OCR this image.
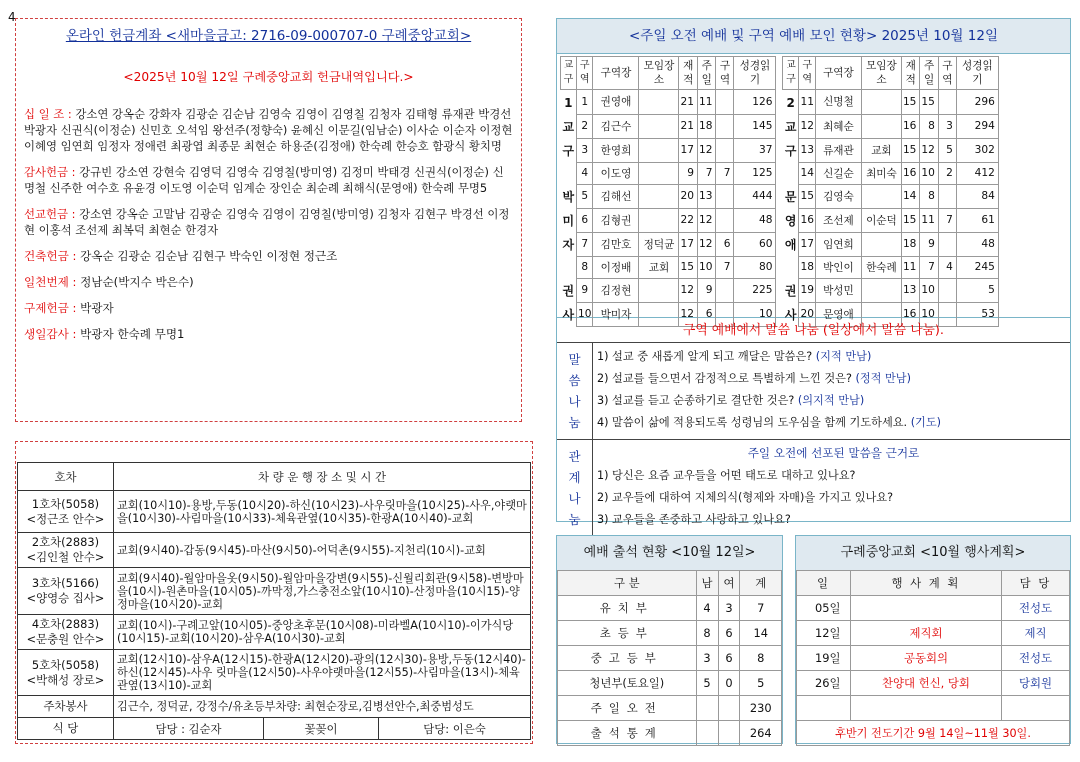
4
온라인 헌금계좌 <새마을금고: 2716-09-000707-0 구례중앙교회>
<2025년 10월 12일 구례중앙교회 헌금내역입니다.>
십 일 조 : 강소연 강옥순 강화자 김광순 김순남 김영숙 김영이 김영칠 김청자 김태형 류재관 박경선 박광자 신권식(이정순) 신민호 오석임 왕선주(정향숙) 윤혜신 이문길(임남순) 이사순 이순자 이정현 이혜영 임연희 임정자 정애련 최광엽 최종문 최현순 하용준(김정애) 한숙례 한승호 함광식 황치명
감사헌금 : 강규빈 강소연 강현숙 김영덕 김영숙 김영칠(방미영) 김정미 박태경 신권식(이정순) 신명철 신주한 여수호 유윤경 이도영 이순덕 임계순 장인순 최순례 최해식(문영애) 한숙례 무명5
선교헌금 : 강소연 강옥순 고말남 김광순 김영숙 김영이 김영칠(방미영) 김청자 김현구 박경선 이정현 이홍석 조선제 최복덕 최현순 한경자
건축헌금 : 강옥순 김광순 김순남 김현구 박숙인 이정현 정근조
일천번제 : 정남순(박지수 박은수)
구제헌금 : 박광자
생일감사 : 박광자 한숙례 무명1
호차	차 량 운 행 장 소 및 시 간		

1호차(5058)
<정근조 안수>	교회(10시10)-용방,두동(10시20)-하신(10시23)-사우릿마을(10시25)-사우,야랫마을(10시30)-사림마을(10시33)-체육관옆(10시35)-한광A(10시40)-교회		

2호차(2883)
<김인철 안수>	교회(9시40)-갑동(9시45)-마산(9시50)-어덕촌(9시55)-지천리(10시)-교회		

3호차(5166)
<양영승 집사>	교회(9시40)-월암마을옷(9시50)-월암마을강변(9시55)-신월리회관(9시58)-변방마을(10시)-원촌마을(10시05)-까막정,가스충전소앞(10시10)-산정마을(10시15)-양정마을(10시20)-교회		

4호차(2883)
<문충원 안수>	교회(10시)-구례고앞(10시05)-중앙초후문(10시08)-미라벨A(10시10)-이가식당(10시15)-교회(10시20)-삼우A(10시30)-교회		

5호차(5058)
<박해성 장로>	교회(12시10)-삼우A(12시15)-한광A(12시20)-광의(12시30)-용방,두동(12시40)-하신(12시45)-사우 릿마을(12시50)-사우야랫마을(12시55)-사림마을(13시)-체육관옆(13시10)-교회		
주차봉사	김근수, 정덕균, 강정수/유초등부차량: 최현순장로,김병선안수,최중범성도		
식 당	담당 : 김순자	꽃꽂이	담당: 이은숙
<주일 오전 예배 및 구역 예배 모인 현황> 2025년 10월 12일
교구	구역	구역장	모임장소	재적	주일	구역	성경읽기
1	1	권영애		21	11		126
교	2	김근수		21	18		145
구	3	한영희		17	12		37
	4	이도영		9	7	7	125
박	5	김해선		20	13		444
미	6	김형권		22	12		48
자	7	김만호	정덕균	17	12	6	60
	8	이정배	교회	15	10	7	80
권	9	김정현		12	9		225
사	10	박미자		12	6		10
교구	구역	구역장	모임장소	재적	주일	구역	성경읽기
2	11	신명철		15	15		296
교	12	최혜순		16	8	3	294
구	13	류재관	교회	15	12	5	302
	14	신길순	최미숙	16	10	2	412
문	15	김영숙		14	8		84
영	16	조선제	이순덕	15	11	7	61
애	17	임연희		18	9		48
	18	박인이	한숙례	11	7	4	245
권	19	박성민		13	10		5
사	20	문영애		16	10		53
구역 예배에서 말씀 나눔 (일상에서 말씀 나눔).
말
씀
나
눔
1) 설교 중 새롭게 알게 되고 깨달은 말씀은? (지적 만남)
2) 설교를 들으면서 감정적으로 특별하게 느낀 것은? (정적 만남)
3) 설교를 듣고 순종하기로 결단한 것은? (의지적 만남)
4) 말씀이 삶에 적용되도록 성령님의 도우심을 함께 기도하세요. (기도)
관
계
나
눔
주일 오전에 선포된 말씀을 근거로
1) 당신은 요즘 교우들을 어떤 태도로 대하고 있나요?
2) 교우들에 대하여 지체의식(형제와 자매)을 가지고 있나요?
3) 교우들을 존중하고 사랑하고 있나요?
예배 출석 현황 <10월 12일>
구 분	남	여	계
유치부	4	3	7
초등부	8	6	14
중고등부	3	6	8
청년부(토요일)	5	0	5
주일오전			230
출석통계			264
구례중앙교회 <10월 행사계획>
일	행 사 계 획	담 당
05일		전성도
12일	제직회	제직
19일	공동회의	전성도
26일	찬양대 헌신, 당회	당회원

후반기 전도기간 9월 14일~11월 30일.		
